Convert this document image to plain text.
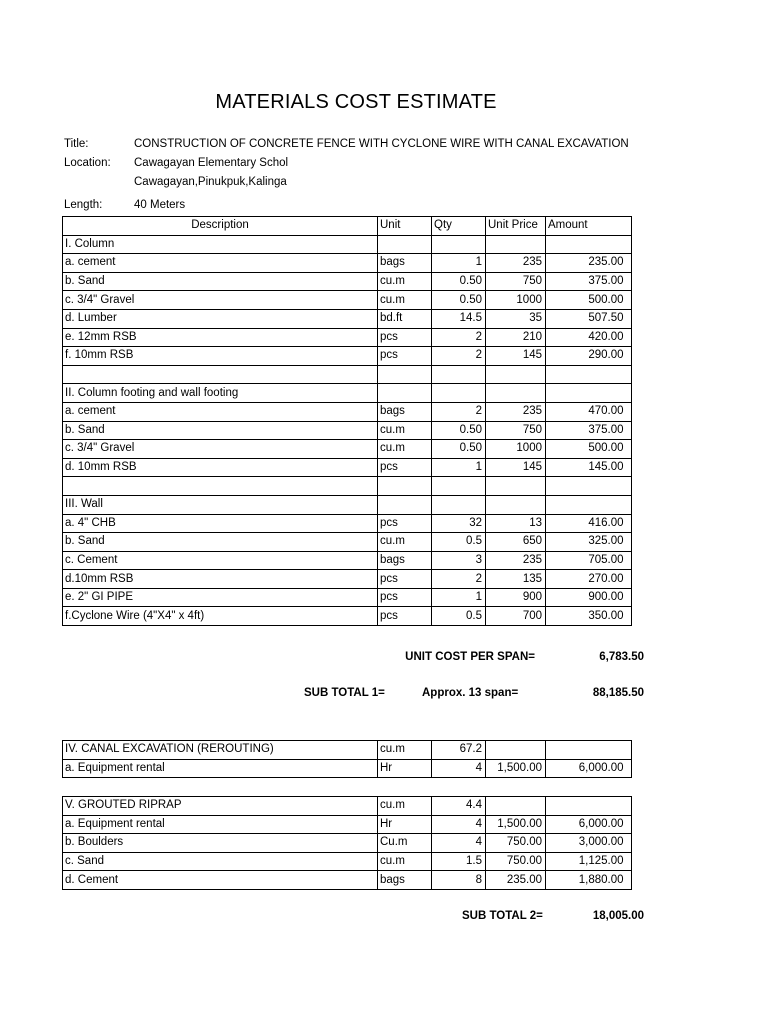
MATERIALS COST ESTIMATE
Title:	CONSTRUCTION OF CONCRETE FENCE WITH CYCLONE WIRE WITH CANAL EXCAVATION
Location: Cawagayan Elementary Schol
Cawagayan,Pinukpuk,Kalinga
Length:	40 Meters
Description	Unit	Qty	Unit Price	Amount	
I. Column					
a. cement	bags	1	235	235.00	
b. Sand	cu.m	0.50	750	375.00	
c. 3/4" Gravel	cu.m	0.50	1000	500.00	
d. Lumber	bd.ft	14.5	35	507.50	
e. 12mm RSB	pcs	2	210	420.00	
f. 10mm RSB	pcs	2	145	290.00	

II. Column footing and wall footing					
a. cement	bags	2	235	470.00	
b. Sand	cu.m	0.50	750	375.00	
c. 3/4" Gravel	cu.m	0.50	1000	500.00	
d. 10mm RSB	pcs	1	145	145.00	

III. Wall					
a. 4" CHB	pcs	32	13	416.00	
b. Sand	cu.m	0.5	650	325.00	
c. Cement	bags	3	235	705.00	
d.10mm RSB	pcs	2	135	270.00	
e. 2" GI PIPE	pcs	1	900	900.00	
f.Cyclone Wire (4"X4" x 4ft)	pcs	0.5	700	350.00	
UNIT COST PER SPAN=	6,783.50
SUB TOTAL 1=	Approx. 13 span=	88,185.50
IV. CANAL EXCAVATION (REROUTING)	cu.m	67.2			
a. Equipment rental	Hr	4	1,500.00	6,000.00	
V. GROUTED RIPRAP	cu.m	4.4			
a. Equipment rental	Hr	4	1,500.00	6,000.00	
b. Boulders	Cu.m	4	750.00	3,000.00	
c. Sand	cu.m	1.5	750.00	1,125.00	
d. Cement	bags	8	235.00	1,880.00	
SUB TOTAL 2=	18,005.00
